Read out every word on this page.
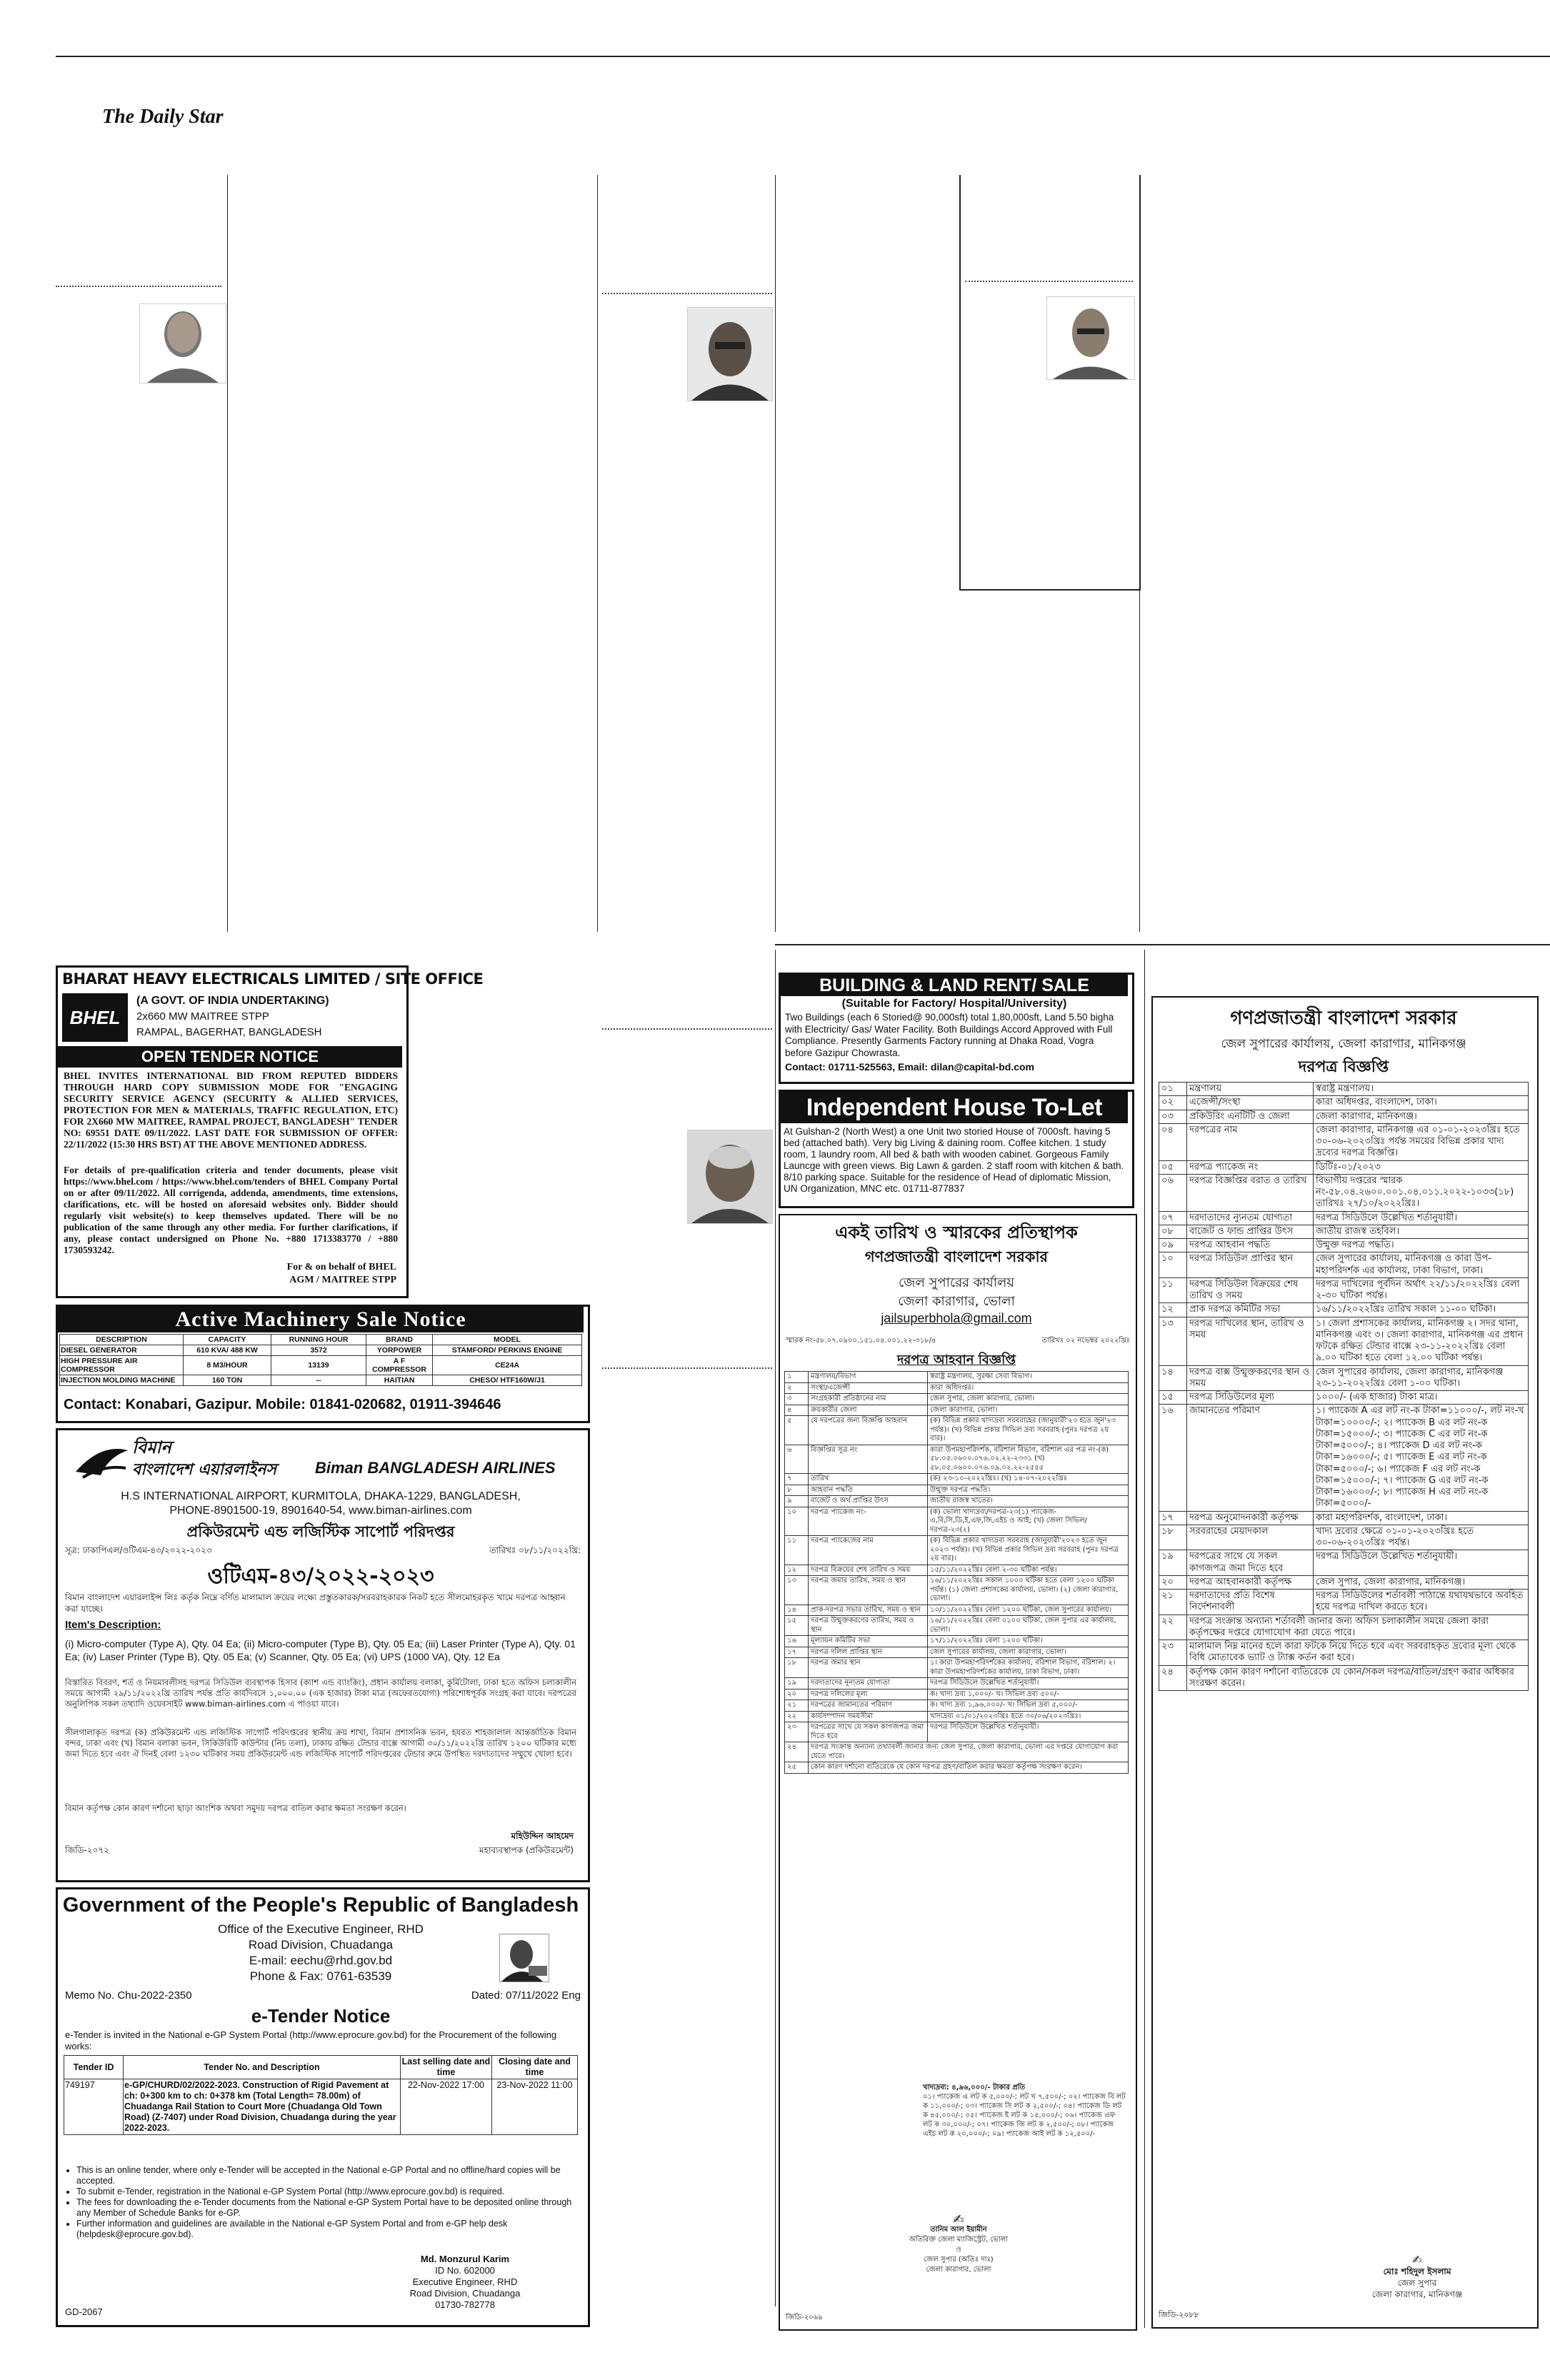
The Daily Star
BHARAT HEAVY ELECTRICALS LIMITED / SITE OFFICE
BHEL
(A GOVT. OF INDIA UNDERTAKING)
2x660 MW MAITREE STPP
RAMPAL, BAGERHAT, BANGLADESH
OPEN TENDER NOTICE
BHEL INVITES INTERNATIONAL BID FROM REPUTED BIDDERS THROUGH HARD COPY SUBMISSION MODE FOR "ENGAGING SECURITY SERVICE AGENCY (SECURITY & ALLIED SERVICES, PROTECTION FOR MEN & MATERIALS, TRAFFIC REGULATION, ETC) FOR 2X660 MW MAITREE, RAMPAL PROJECT, BANGLADESH" TENDER NO: 69551 DATE 09/11/2022. LAST DATE FOR SUBMISSION OF OFFER: 22/11/2022 (15:30 HRS BST) AT THE ABOVE MENTIONED ADDRESS.
For details of pre-qualification criteria and tender documents, please visit https://www.bhel.com / https://www.bhel.com/tenders of BHEL Company Portal on or after 09/11/2022. All corrigenda, addenda, amendments, time extensions, clarifications, etc. will be hosted on aforesaid websites only. Bidder should regularly visit website(s) to keep themselves updated. There will be no publication of the same through any other media. For further clarifications, if any, please contact undersigned on Phone No. +880 1713383770 / +880 1730593242.
For & on behalf of BHEL
AGM / MAITREE STPP
Active Machinery Sale Notice
DESCRIPTION	CAPACITY	RUNNING HOUR	BRAND	MODEL
DIESEL GENERATOR	610 KVA/ 488 KW	3572	YORPOWER	STAMFORD/ PERKINS ENGINE
HIGH PRESSURE AIR COMPRESSOR	8 M3/HOUR	13139	A F COMPRESSOR	CE24A
INJECTION MOLDING MACHINE	160 TON	--	HAITIAN	CHESO/ HTF160W/J1
Contact: Konabari, Gazipur. Mobile: 01841-020682, 01911-394646
বিমান
বাংলাদেশ এয়ারলাইনস Biman BANGLADESH AIRLINES
H.S INTERNATIONAL AIRPORT, KURMITOLA, DHAKA-1229, BANGLADESH,
PHONE-8901500-19, 8901640-54, www.biman-airlines.com
প্রকিউরমেন্ট এন্ড লজিস্টিক সাপোর্ট পরিদপ্তর
সূত্র: ঢাকাপিএল/ওটিএম-৪৩/২০২২-২০২৩	তারিখঃ ০৮/১১/২০২২খ্রি:
ওটিএম-৪৩/২০২২-২০২৩
বিমান বাংলাদেশ এয়ারলাইন্স লিঃ কর্তৃক নিম্নে বর্ণিত মালামাল ক্রয়ের লক্ষ্যে প্রস্তুতকারক/সরবরাহকারক নিকট হতে সীলমোহরকৃত খামে দরপত্র আহ্বান করা যাচ্ছে।
Item's Description:
(i) Micro-computer (Type A), Qty. 04 Ea; (ii) Micro-computer (Type B), Qty. 05 Ea; (iii) Laser Printer (Type A), Qty. 01 Ea; (iv) Laser Printer (Type B), Qty. 05 Ea; (v) Scanner, Qty. 05 Ea; (vi) UPS (1000 VA), Qty. 12 Ea
বিস্তারিত বিবরণ, শর্ত ও নিয়মাবলীসহ দরপত্র সিডিউল ব্যবস্থাপক হিসাব (ক্যাশ এন্ড ব্যাংকিং), প্রধান কার্যালয় বলাকা, কুর্মিটোলা, ঢাকা হতে অফিস চলাকালীন সময়ে আগামী ২৯/১১/২০২২খ্রি তারিখ পর্যন্ত প্রতি কার্যদিবসে ১,০০০.০০ (এক হাজার) টাকা মাত্র (অফেরতযোগ্য) পরিশোধপূর্বক সংগ্রহ করা যাবে। দরপত্রের অনুলিপিক সকল তথ্যাদি ওয়েবসাইট www.biman-airlines.com এ পাওয়া যাবে।
সীলগালাকৃত দরপত্র (ক) প্রকিউরমেন্ট এন্ড লজিস্টিক সাপোর্ট পরিদপ্তরের স্থানীয় ক্রয় শাখা, বিমান প্রশাসনিক ভবন, হযরত শাহজালাল আন্তর্জাতিক বিমান বন্দর, ঢাকা এবং (খ) বিমান বলাকা ভবন, সিকিউরিটি কাউন্টার (নিচ তলা), ঢাকায় রক্ষিত টেন্ডার বাক্সে আগামী ৩০/১১/২০২২খ্রি তারিখ ১২০০ ঘটিকার মধ্যে জমা দিতে হবে এবং ঐ দিনই বেলা ১২৩০ ঘটিকার সময় প্রকিউরমেন্ট এন্ড লজিস্টিক সাপোর্ট পরিদপ্তরের টেন্ডার রুমে উপস্থিত দরদাতাদের সম্মুখে খোলা হবে।
বিমান কর্তৃপক্ষ কোন কারণ দর্শানো ছাড়া আংশিক অথবা সমুদয় দরপত্র বাতিল করার ক্ষমতা সংরক্ষণ করেন।
মহিউদ্দিন আহমেদ
মহাব্যবস্থাপক (প্রকিউরমেন্ট)
জিডি-২০৭২
Government of the People's Republic of Bangladesh
Office of the Executive Engineer, RHD
Road Division, Chuadanga
E-mail: eechu@rhd.gov.bd
Phone & Fax: 0761-63539
Memo No. Chu-2022-2350	Dated: 07/11/2022 Eng
e-Tender Notice
e-Tender is invited in the National e-GP System Portal (http://www.eprocure.gov.bd) for the Procurement of the following works:
Tender ID	Tender No. and Description	Last selling date and time	Closing date and time
749197	e-GP/CHURD/02/2022-2023. Construction of Rigid Pavement at ch: 0+300 km to ch: 0+378 km (Total Length= 78.00m) of Chuadanga Rail Station to Court More (Chuadanga Old Town Road) (Z-7407) under Road Division, Chuadanga during the year 2022-2023.	22-Nov-2022 17:00	23-Nov-2022 11:00
• This is an online tender, where only e-Tender will be accepted in the National e-GP Portal and no offline/hard copies will be accepted.
• To submit e-Tender, registration in the National e-GP System Portal (http://www.eprocure.gov.bd) is required.
• The fees for downloading the e-Tender documents from the National e-GP System Portal have to be deposited online through any Member of Schedule Banks for e-GP.
• Further information and guidelines are available in the National e-GP System Portal and from e-GP help desk (helpdesk@eprocure.gov.bd).
Md. Monzurul Karim
ID No. 602000
Executive Engineer, RHD
Road Division, Chuadanga
01730-782778
GD-2067
BUILDING & LAND RENT/ SALE
(Suitable for Factory/ Hospital/University)
Two Buildings (each 6 Storied@ 90,000sft) total 1,80,000sft, Land 5.50 bigha with Electricity/ Gas/ Water Facility. Both Buildings Accord Approved with Full Compliance. Presently Garments Factory running at Dhaka Road, Vogra before Gazipur Chowrasta.
Contact: 01711-525563, Email: dilan@capital-bd.com
Independent House To-Let
At Gulshan-2 (North West) a one Unit two storied House of 7000sft. having 5 bed (attached bath). Very big Living & daining room. Coffee kitchen. 1 study room, 1 laundry room, All bed & bath with wooden cabinet. Gorgeous Family Launcge with green views. Big Lawn & garden. 2 staff room with kitchen & bath. 8/10 parking space. Suitable for the residence of Head of diplomatic Mission, UN Organization, MNC etc. 01711-877837
একই তারিখ ও স্মারকের প্রতিস্থাপক
গণপ্রজাতন্ত্রী বাংলাদেশ সরকার
জেল সুপারের কার্যালয়
জেলা কারাগার, ভোলা
jailsuperbhola@gmail.com
স্মারক নং-৫৮.০৭.০৯০০.১৫১.০৪.০০১.২২-৩১৮/৪	তারিখঃ ০২ নভেম্বর ২০২২খ্রিঃ
দরপত্র আহবান বিজ্ঞপ্তি
১	মন্ত্রণালয়/বিভাগ	স্বরাষ্ট্র মন্ত্রণালয়, সুরক্ষা সেবা বিভাগ।
২	সংস্থা/এজেন্সী	কারা অধিদপ্তর।
৩	সংগ্রহকারী প্রতিষ্ঠানের নাম	জেল সুপার, জেলা কারাগার, ভোলা।
৪	ক্রয়কারীর জেলা	জেলা কারাগার, ভোলা।
৫	যে দরপত্রের জন্য বিজ্ঞপ্তি আহবান	(ক) বিভিন্ন প্রকার খাদ্যদ্রব্য সরবরাহের (জানুয়ারী'২৩ হতে জুন'২৩ পর্যন্ত)। (খ) বিভিন্ন প্রকার সিভিল দ্রব্য সরবরাহ (পুনঃ দরপত্র ২য় বার)।
৬	বিজ্ঞপ্তির সূত্র নং	কারা উপমহাপরিদর্শক, বরিশাল বিভাগ, বরিশাল এর পত্র নং-(ক) ৫৮.০৫.০৬০০.০৭৬.০২.২২-২৩৩১ (খ) ৫৮.০৫.০৬০০.০৭৬.০৯.০২.২২-২৫৫৫
৭	তারিখ	(ক) ২৩-১০-২০২২খ্রিঃ। (খ) ১৪-০৭-২০২২খ্রিঃ
৮	আহবান পদ্ধতি	উন্মুক্ত দরপত্র পদ্ধতি।
৯	বাজেট ও অর্থ প্রাপ্তির উৎস	জাতীয় রাজস্ব খাতের।
১০	দরপত্র প্যাকেজ নং-	(ক) ভোলা খাদ্যদ্রব্য/দরপত্র-২৩(১) প্যাকেজ-এ,বি,সি,ডি,ই,এফ,জি,এইচ ও আই; (খ) জেলা সিভিল/দরপত্র-২৩(২)
১১	দরপত্র প্যাকেজের নাম	(ক) বিভিন্ন প্রকার খাদ্যদ্রব্য সরবরাহ (জানুয়ারী'২০২৩ হতে জুন ২০২৩ পর্যন্ত)। (খ) বিভিন্ন প্রকার সিভিল দ্রব্য সরবরাহ (পুনঃ দরপত্র ২য় বার)।
১২	দরপত্র বিক্রয়ের শেষ তারিখ ও সময়	১৫/১১/২০২২খ্রিঃ বেলা ২-৩০ ঘটিকা পর্যন্ত।
১৩	দরপত্র জমার তারিখ, সময় ও স্থান	১৬/১১/২০২২খ্রিঃ সকাল ১০০০ ঘটিকা হতে বেলা ১২০০ ঘটিকা পর্যন্ত। (১) জেলা প্রশাসকের কার্যালয়, ভোলা। (২) জেলা কারাগার, ভোলা।
১৪	প্রাক-দরপত্র সভার তারিখ, সময় ও স্থান	১০/১১/২০২২খ্রিঃ বেলা ১২০০ ঘটিকা, জেল সুপারের কার্যালয়।
১৫	দরপত্র উন্মুক্তকরণের তারিখ, সময় ও স্থান	১৬/১১/২০২২খ্রিঃ বেলা ০১০০ ঘটিকা, জেল সুপার এর কার্যালয়, ভোলা।
১৬	মূল্যায়ন কমিটির সভা	১৭/১১/২০২২খ্রিঃ বেলা ১২০০ ঘটিকা।
১৭	দরপত্র দলিল প্রাপ্তির স্থান	জেল সুপারের কার্যালয়, জেলা কারাগার, ভোলা।
১৮	দরপত্র জমার স্থান	১। কারা উপমহাপরিদর্শকের কার্যালয়, বরিশাল বিভাগ, বরিশাল। ২। কারা উপমহাপরিদর্শকের কার্যালয়, ঢাকা বিভাগ, ঢাকা।
১৯	দরদাতাদের নূন্যতম যোগ্যতা	দরপত্র সিডিউলে উল্লেখিত শর্তানুযায়ী।
২০	দরপত্র দলিলের মূল্য	ক। খাদ্য দ্রব্য ১,০০০/- খ। সিভিল দ্রব্য ৫০০/-
২১	দরপত্রের জামানতের পরিমাণ	ক। খাদ্য দ্রব্য ১,৯৬,০০০/- খ। সিভিল দ্রব্য ৫,০০০/-
২২	কার্যসম্পাদন সময়সীমা	খাদ্যদ্রব্য ০১/০১/২০২৩খ্রিঃ হতে ৩০/০৬/২০২৩খ্রিঃ।
২৩	দরপত্রের সাথে যে সকল কাগজপত্র জমা দিতে হবে	দরপত্র সিডিউলে উল্লেখিত শর্তানুযায়ী।
২৪	দরপত্র সংক্রান্ত অন্যান্য তথ্যাবলী জানার জন্য জেল সুপার, জেলা কারাগার, ভোলা এর দপ্তরে যোগাযোগ করা যেতে পারে।	
২৫	কোন কারণ দর্শানো ব্যতিরেকে যে কোন দরপত্র গ্রহণ/বাতিল করার ক্ষমতা কর্তৃপক্ষ সংরক্ষণ করেন।	
খাদ্যদ্রব্য: ৪,৯৬,০০০/- টাকার প্রতি
০১। প্যাকেজ এ লট ক ৫,০০০/-; লট খ ৭,৫০০/-; ০২। প্যাকেজ বি লট ক ১১,০০০/-; ০৩। প্যাকেজ সি লট ক ২,৫০০/-; ০৪। প্যাকেজ ডি লট ক ৪৫,০০০/-; ০৫। প্যাকেজ ই লট ক ১৫,০০০/-; ০৬। প্যাকেজ এফ লট ক ৩০,০০০/-; ০৭। প্যাকেজ জি লট ক ২,৫০০/-; ০৮। প্যাকেজ এইচ লট ক ২০,০০০/-; ০৯। প্যাকেজ আই লট ক ১২,৫০০/-
✍
তানিম আল ইয়ামীন
অতিরিক্ত জেলা ম্যাজিস্ট্রেট, ভোলা
ও
জেল সুপার (অতিঃ দাঃ)
জেলা কারাগার, ভোলা
জিডি-২০৬৯
গণপ্রজাতন্ত্রী বাংলাদেশ সরকার
জেল সুপারের কার্যালয়, জেলা কারাগার, মানিকগঞ্জ
দরপত্র বিজ্ঞপ্তি
০১	মন্ত্রণালয়	স্বরাষ্ট্র মন্ত্রণালয়।
০২	এজেন্সী/সংস্থা	কারা অধিদপ্তর, বাংলাদেশ, ঢাকা।
০৩	প্রকিউরিং এনটিটি ও জেলা	জেলা কারাগার, মানিকগঞ্জ।
০৪	দরপত্রের নাম	জেলা কারাগার, মানিকগঞ্জ এর ০১-০১-২০২৩খ্রিঃ হতে ৩০-০৬-২০২৩খ্রিঃ পর্যন্ত সময়ের বিভিন্ন প্রকার খাদ্য দ্রব্যের দরপত্র বিজ্ঞপ্তি।
০৫	দরপত্র প্যাকেজ নং	ডিটিঃ-০১/২০২৩
০৬	দরপত্র বিজ্ঞপ্তির বরাত ও তারিখ	বিভাগীয় দপ্তরের স্মারক নং-৫৮.০৪.২৬০০.০০১.০৪.০১১.২০২২-১০৩৩(১৮) তারিখঃ ২৭/১০/২০২২খ্রিঃ।
০৭	দরদাতাদের ন্যুনতম যোগ্যতা	দরপত্র সিডিউলে উল্লেখিত শর্তানুযায়ী।
০৮	বাজেট ও ফান্ড প্রাপ্তির উৎস	জাতীয় রাজস্ব তহবিল।
০৯	দরপত্র আহবান পদ্ধতি	উন্মুক্ত দরপত্র পদ্ধতি।
১০	দরপত্র সিডিউল প্রাপ্তির স্থান	জেল সুপারের কার্যালয়, মানিকগঞ্জ ও কারা উপ-মহাপরিদর্শক এর কার্যালয়, ঢাকা বিভাগ, ঢাকা।
১১	দরপত্র সিডিউল বিক্রয়ের শেষ তারিখ ও সময়	দরপত্র দাখিলের পূর্বদিন অর্থাৎ ২২/১১/২০২২খ্রিঃ বেলা ২-৩০ ঘটিকা পর্যন্ত।
১২	প্রাক দরপত্র কমিটির সভা	১৬/১১/২০২২খ্রিঃ তারিখ সকাল ১১-০০ ঘটিকা।
১৩	দরপত্র দাখিলের স্থান, তারিখ ও সময়	১। জেলা প্রশাসকের কার্যালয়, মানিকগঞ্জ ২। সদর থানা, মানিকগঞ্জ এবং ৩। জেলা কারাগার, মানিকগঞ্জ এর প্রধান ফটকে রক্ষিত টেন্ডার বাক্সে ২৩-১১-২০২২খ্রিঃ বেলা ৯.০০ ঘটিকা হতে বেলা ১২.০০ ঘটিকা পর্যন্ত।
১৪	দরপত্র বাক্স উন্মুক্তকরণের স্থান ও সময়	জেল সুপারের কার্যালয়, জেলা কারাগার, মানিকগঞ্জ ২৩-১১-২০২২খ্রিঃ বেলা ১-০০ ঘটিকা।
১৫	দরপত্র সিডিউলের মূল্য	১০০০/- (এক হাজার) টাকা মাত্র।
১৬	জামানতের পরিমাণ	১। প্যাকেজ A এর লট নং-ক টাকা=১১০০০/-, লট নং-খ টাকা=১০০০০/-; ২। প্যাকেজ B এর লট নং-ক টাকা=১৫০০০/-; ৩। প্যাকেজ C এর লট নং-ক টাকা=৫০০০/-; ৪। প্যাকেজ D এর লট নং-ক টাকা=১৬০০০/-; ৫। প্যাকেজ E এর লট নং-ক টাকা=৫০০০/-; ৬। প্যাকেজ F এর লট নং-ক টাকা=১৫০০০/-; ৭। প্যাকেজ G এর লট নং-ক টাকা=১৬০০০/-; ৮। প্যাকেজ H এর লট নং-ক টাকা=৫০০০/-
১৭	দরপত্র অনুমোদনকারী কর্তৃপক্ষ	কারা মহাপরিদর্শক, বাংলাদেশ, ঢাকা।
১৮	সরবরাহের মেয়াদকাল	খাদ্য দ্রব্যের ক্ষেত্রে ০১-০১-২০২৩খ্রিঃ হতে ৩০-০৬-২০২৩খ্রিঃ পর্যন্ত।
১৯	দরপত্রের সাথে যে সকল কাগজপত্র জমা দিতে হবে	দরপত্র সিডিউলে উল্লেখিত শর্তানুযায়ী।
২০	দরপত্র আহবানকারী কর্তৃপক্ষ	জেল সুপার, জেলা কারাগার, মানিকগঞ্জ।
২১	দরদাতাদের প্রতি বিশেষ নির্দেশনাবলী	দরপত্র সিডিউলের শর্তাবলী পাঠান্তে যথাযথভাবে অবহিত হয়ে দরপত্র দাখিল করতে হবে।
২২	দরপত্র সংক্রান্ত অন্যান্য শর্তাবলী জানার জন্য অফিস চলাকালীন সময়ে জেলা কারা কর্তৃপক্ষের দপ্তরে যোগাযোগ করা যেতে পারে।	
২৩	মালামাল নিম্ন মানের হলে কারা ফটকে নিয়ে দিতে হবে এবং সরবরাহকৃত দ্রব্যের মূল্য থেকে বিধি মোতাবেক ভ্যাট ও ট্যাক্স কর্তন করা হবে।	
২৪	কর্তৃপক্ষ কোন কারণ দর্শানো ব্যতিরেকে যে কোন/সকল দরপত্র/বাতিল/গ্রহণ করার অধিকার সংরক্ষণ করেন।	
✍
মোঃ শহিদুল ইসলাম
জেল সুপার
জেলা কারাগার, মানিকগঞ্জ
জিডি-২০৮৮
